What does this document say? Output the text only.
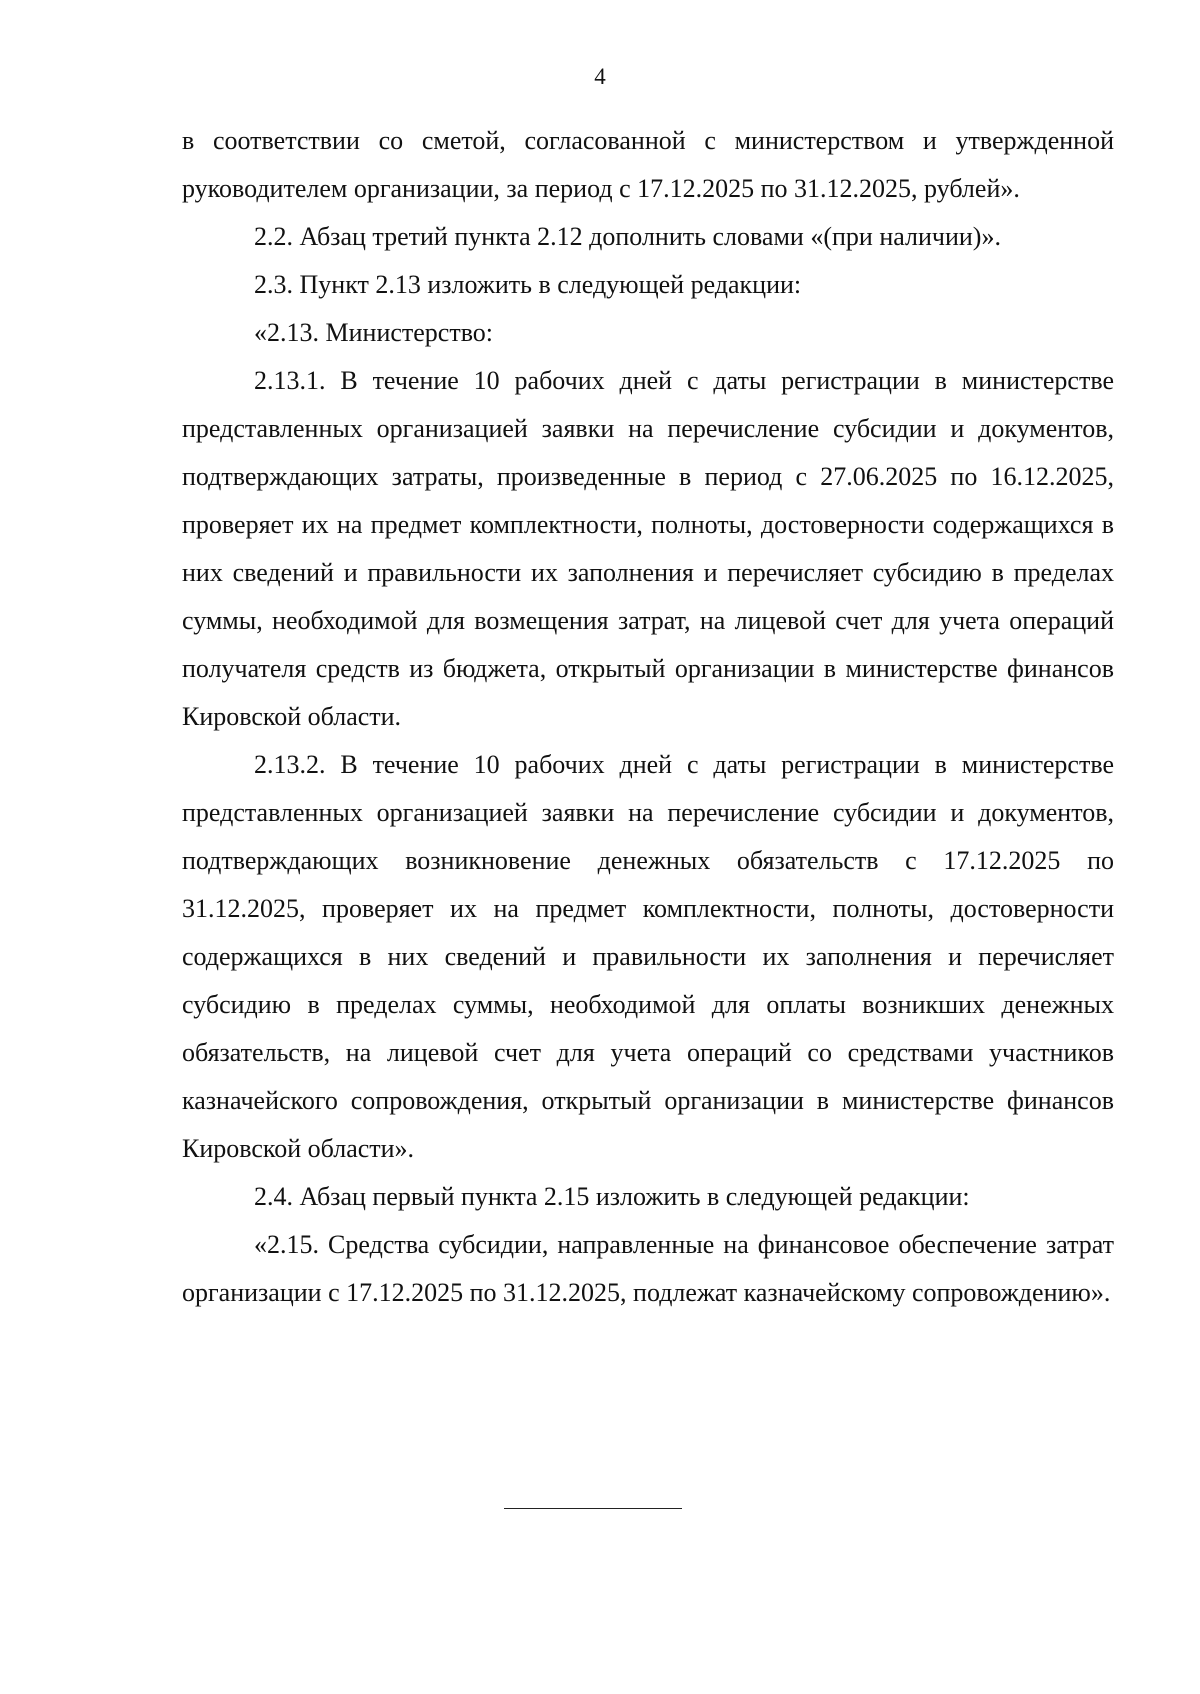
4

в соответствии со сметой, согласованной с министерством и утвержденной руководителем организации, за период с 17.12.2025 по 31.12.2025, рублей».

2.2. Абзац третий пункта 2.12 дополнить словами «(при наличии)».

2.3. Пункт 2.13 изложить в следующей редакции:

«2.13. Министерство:

2.13.1. В течение 10 рабочих дней с даты регистрации в министерстве представленных организацией заявки на перечисление субсидии и документов, подтверждающих затраты, произведенные в период с 27.06.2025 по 16.12.2025, проверяет их на предмет комплектности, полноты, достоверности содержащихся в них сведений и правильности их заполнения и перечисляет субсидию в пределах суммы, необходимой для возмещения затрат, на лицевой счет для учета операций получателя средств из бюджета, открытый организации в министерстве финансов Кировской области.

2.13.2. В течение 10 рабочих дней с даты регистрации в министерстве представленных организацией заявки на перечисление субсидии и документов, подтверждающих возникновение денежных обязательств с 17.12.2025 по 31.12.2025, проверяет их на предмет комплектности, полноты, достоверности содержащихся в них сведений и правильности их заполнения и перечисляет субсидию в пределах суммы, необходимой для оплаты возникших денежных обязательств, на лицевой счет для учета операций со средствами участников казначейского сопровождения, открытый организации в министерстве финансов Кировской области».

2.4. Абзац первый пункта 2.15 изложить в следующей редакции:

«2.15. Средства субсидии, направленные на финансовое обеспечение затрат организации с 17.12.2025 по 31.12.2025, подлежат казначейскому сопровождению».
